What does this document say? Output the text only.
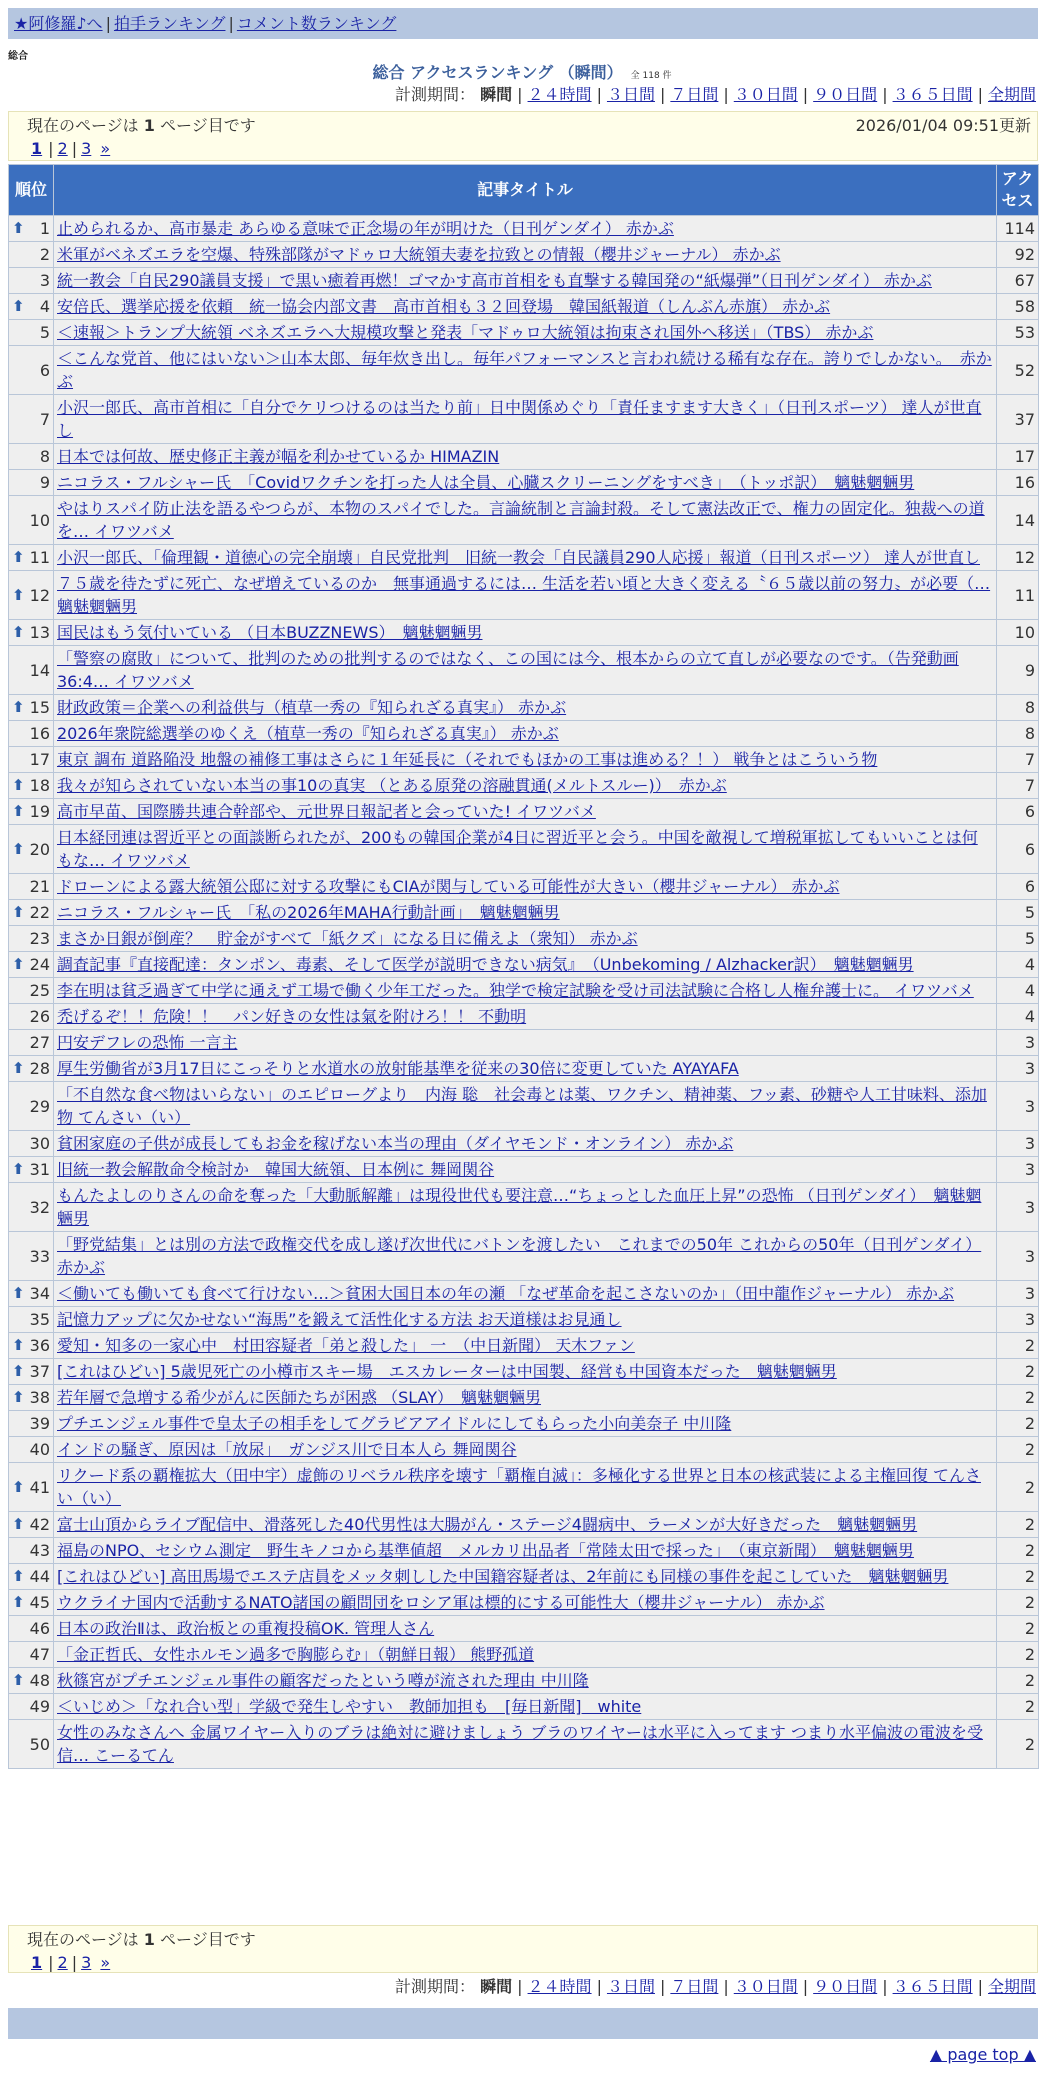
★阿修羅♪へ | 拍手ランキング | コメント数ランキング
総合
総合 アクセスランキング （瞬間） 全 118 件
計測期間： 瞬間 | ２４時間 | ３日間 | ７日間 | ３０日間 | ９０日間 | ３６５日間 | 全期間
現在のページは 1 ページ目です	2026/01/04 09:51更新
1 | 2 | 3 »
順位	記事タイトル	アクセス

⬆ 1	止められるか、高市暴走 あらゆる意味で正念場の年が明けた（日刊ゲンダイ） 赤かぶ	114
2	米軍がベネズエラを空爆、特殊部隊がマドゥロ大統領夫妻を拉致との情報（櫻井ジャーナル） 赤かぶ	92
3	統一教会「自民290議員支援」で黒い癒着再燃！ゴマかす高市首相をも直撃する韓国発の“紙爆弾”（日刊ゲンダイ） 赤かぶ	67

⬆ 4	安倍氏、選挙応援を依頼　統一協会内部文書　高市首相も３２回登場　韓国紙報道（しんぶん赤旗） 赤かぶ	58
5	＜速報＞トランプ大統領 ベネズエラへ大規模攻撃と発表「マドゥロ大統領は拘束され国外へ移送」（TBS） 赤かぶ	53
6	＜こんな党首、他にはいない＞山本太郎、毎年炊き出し。毎年パフォーマンスと言われ続ける稀有な存在。誇りでしかない。　赤かぶ	52
7	小沢一郎氏、高市首相に「自分でケリつけるのは当たり前」日中関係めぐり「責任ますます大きく」（日刊スポーツ） 達人が世直し	37
8	日本では何故、歴史修正主義が幅を利かせているか HIMAZIN	17
9	ニコラス・フルシャー氏　「Covidワクチンを打った人は全員、心臓スクリーニングをすべき」　（トッポ訳）　魑魅魍魎男	16
10	やはりスパイ防止法を語るやつらが、本物のスパイでした。言論統制と言論封殺。そして憲法改正で、権力の固定化。独裁への道を… イワツバメ	14

⬆ 11	小沢一郎氏、「倫理観・道徳心の完全崩壊」自民党批判　旧統一教会「自民議員290人応援」報道（日刊スポーツ） 達人が世直し	12

⬆ 12	７５歳を待たずに死亡、なぜ増えているのか　無事通過するには… 生活を若い頃と大きく変える〝６５歳以前の努力〟が必要（… 魑魅魍魎男	11

⬆ 13	国民はもう気付いている （日本BUZZNEWS）　魑魅魍魎男	10
14	「警察の腐敗」について、批判のための批判するのではなく、この国には今、根本からの立て直しが必要なのです。（告発動画 36:4… イワツバメ	9

⬆ 15	財政政策＝企業への利益供与（植草一秀の『知られざる真実』） 赤かぶ	8
16	2026年衆院総選挙のゆくえ（植草一秀の『知られざる真実』） 赤かぶ	8
17	東京 調布 道路陥没 地盤の補修工事はさらに１年延長に（それでもほかの工事は進める？！） 戦争とはこういう物	7

⬆ 18	我々が知らされていない本当の事10の真実 （とある原発の溶融貫通(メルトスルー)）　赤かぶ	7

⬆ 19	高市早苗、国際勝共連合幹部や、元世界日報記者と会っていた! イワツバメ	6

⬆ 20	日本経団連は習近平との面談断られたが、200もの韓国企業が4日に習近平と会う。中国を敵視して増税軍拡してもいいことは何もな… イワツバメ	6
21	ドローンによる露大統領公邸に対する攻撃にもCIAが関与している可能性が大きい（櫻井ジャーナル） 赤かぶ	6

⬆ 22	ニコラス・フルシャー氏　「私の2026年MAHA行動計画」　魑魅魍魎男	5
23	まさか日銀が倒産？　貯金がすべて「紙クズ」になる日に備えよ（衆知） 赤かぶ	5

⬆ 24	調査記事『直接配達：タンポン、毒素、そして医学が説明できない病気』　（Unbekoming / Alzhacker訳）　魑魅魍魎男	4
25	李在明は貧乏過ぎて中学に通えず工場で働く少年工だった。独学で検定試験を受け司法試験に合格し人権弁護士に。 イワツバメ	4
26	禿げるぞ！！危険！！　パン好きの女性は氣を附けろ！！ 不動明	4
27	円安デフレの恐怖 一言主	3

⬆ 28	厚生労働省が3月17日にこっそりと水道水の放射能基準を従来の30倍に変更していた AYAYAFA	3
29	「不自然な食べ物はいらない」のエピローグより　内海 聡　社会毒とは薬、ワクチン、精神薬、フッ素、砂糖や人工甘味料、添加物 てんさい（い）	3
30	貧困家庭の子供が成長してもお金を稼げない本当の理由（ダイヤモンド・オンライン） 赤かぶ	3

⬆ 31	旧統一教会解散命令検討か　韓国大統領、日本例に 舞岡関谷	3
32	もんたよしのりさんの命を奪った「大動脈解離」は現役世代も要注意…“ちょっとした血圧上昇”の恐怖 （日刊ゲンダイ）　魑魅魍魎男	3
33	「野党結集」とは別の方法で政権交代を成し遂げ次世代にバトンを渡したい　これまでの50年 これからの50年（日刊ゲンダイ） 赤かぶ	3

⬆ 34	＜働いても働いても食べて行けない…＞貧困大国日本の年の瀬 「なぜ革命を起こさないのか」（田中龍作ジャーナル） 赤かぶ	3
35	記憶力アップに欠かせない“海馬”を鍛えて活性化する方法 お天道様はお見通し	3

⬆ 36	愛知・知多の一家心中　村田容疑者「弟と殺した」 一　（中日新聞） 天木ファン	2

⬆ 37	[これはひどい] 5歳児死亡の小樽市スキー場　エスカレーターは中国製、経営も中国資本だった　魑魅魍魎男	2

⬆ 38	若年層で急増する希少がんに医師たちが困惑 （SLAY）　魑魅魍魎男	2
39	プチエンジェル事件で皇太子の相手をしてグラビアアイドルにしてもらった小向美奈子 中川隆	2
40	インドの騒ぎ、原因は「放尿」　ガンジス川で日本人ら 舞岡関谷	2

⬆ 41	リクード系の覇権拡大（田中宇）虚飾のリベラル秩序を壊す「覇権自滅」：多極化する世界と日本の核武装による主権回復 てんさい（い）	2

⬆ 42	富士山頂からライブ配信中、滑落死した40代男性は大腸がん・ステージ4闘病中、ラーメンが大好きだった　魑魅魍魎男	2
43	福島のNPO、セシウム測定　野生キノコから基準値超　メルカリ出品者「常陸太田で採った」　（東京新聞）　魑魅魍魎男	2

⬆ 44	[これはひどい] 高田馬場でエステ店員をメッタ刺しした中国籍容疑者は、2年前にも同様の事件を起こしていた　魑魅魍魎男	2

⬆ 45	ウクライナ国内で活動するNATO諸国の顧問団をロシア軍は標的にする可能性大（櫻井ジャーナル） 赤かぶ	2
46	日本の政治Ⅱは、政治板との重複投稿OK. 管理人さん	2
47	「金正哲氏、女性ホルモン過多で胸膨らむ」（朝鮮日報） 熊野孤道	2

⬆ 48	秋篠宮がプチエンジェル事件の顧客だったという噂が流された理由 中川隆	2
49	＜いじめ＞「なれ合い型」学級で発生しやすい　教師加担も　[毎日新聞]　white	2
50	女性のみなさんへ 金属ワイヤー入りのブラは絶対に避けましょう ブラのワイヤーは水平に入ってます つまり水平偏波の電波を受信… こーるてん	2
現在のページは 1 ページ目です
1 | 2 | 3 »
計測期間： 瞬間 | ２４時間 | ３日間 | ７日間 | ３０日間 | ９０日間 | ３６５日間 | 全期間
▲ page top ▲
